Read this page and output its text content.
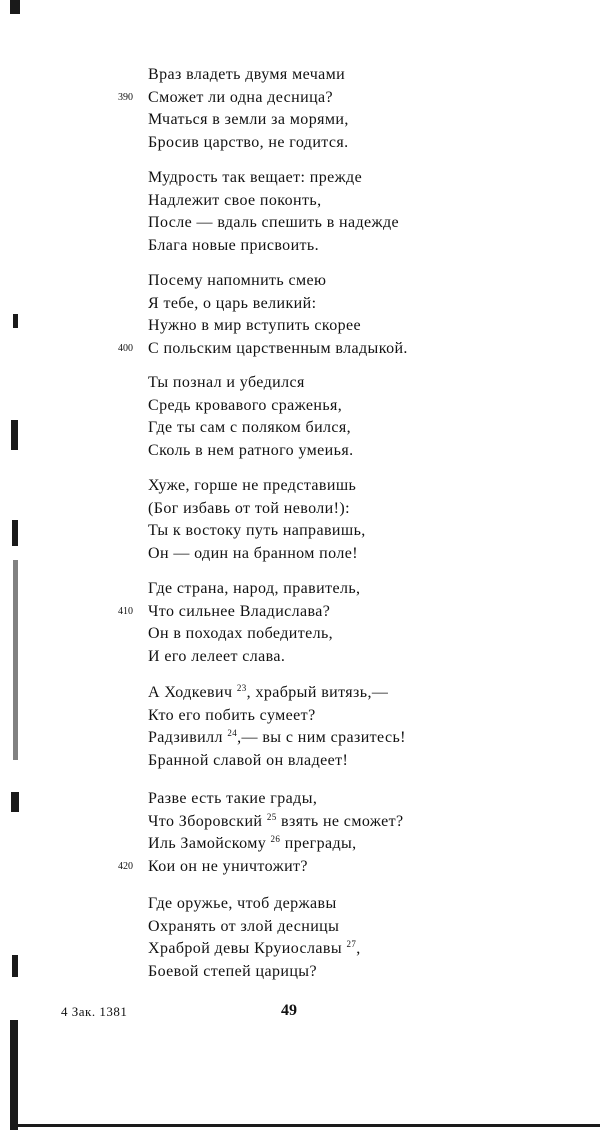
Враз владеть двумя мечами
390 Сможет ли одна десница?
Мчаться в земли за морями,
Бросив царство, не годится.
Мудрость так вещает: прежде
Надлежит свое поконть,
После — вдаль спешить в надежде
Блага новые присвоить.
Посему напомнить смею
Я тебе, о царь великий:
Нужно в мир вступить скорее
400 С польским царственным владыкой.
Ты познал и убедился
Средь кровавого сраженья,
Где ты сам с поляком бился,
Сколь в нем ратного умеиья.
Хуже, горше не представишь
(Бог избавь от той неволи!):
Ты к востоку путь направишь,
Он — один на бранном поле!
Где страна, народ, правитель,
410 Что сильнее Владислава?
Он в походах победитель,
И его лелеет слава.
А Ходкевич $^{23}$, храбрый витязь,—
Кто его побить сумеет?
Радзивилл $^{24}$,— вы с ним сразитесь!
Бранной славой он владеет!
Разве есть такие грады,
Что Зборовский $^{25}$ взять не сможет?
Иль Замойскому $^{26}$ преграды,
420 Кои он не уничтожит?
Где оружье, чтоб державы
Охранять от злой десницы
Храброй девы Круиославы $^{27}$,
Боевой степей царицы?
4 Зак. 1381	49
